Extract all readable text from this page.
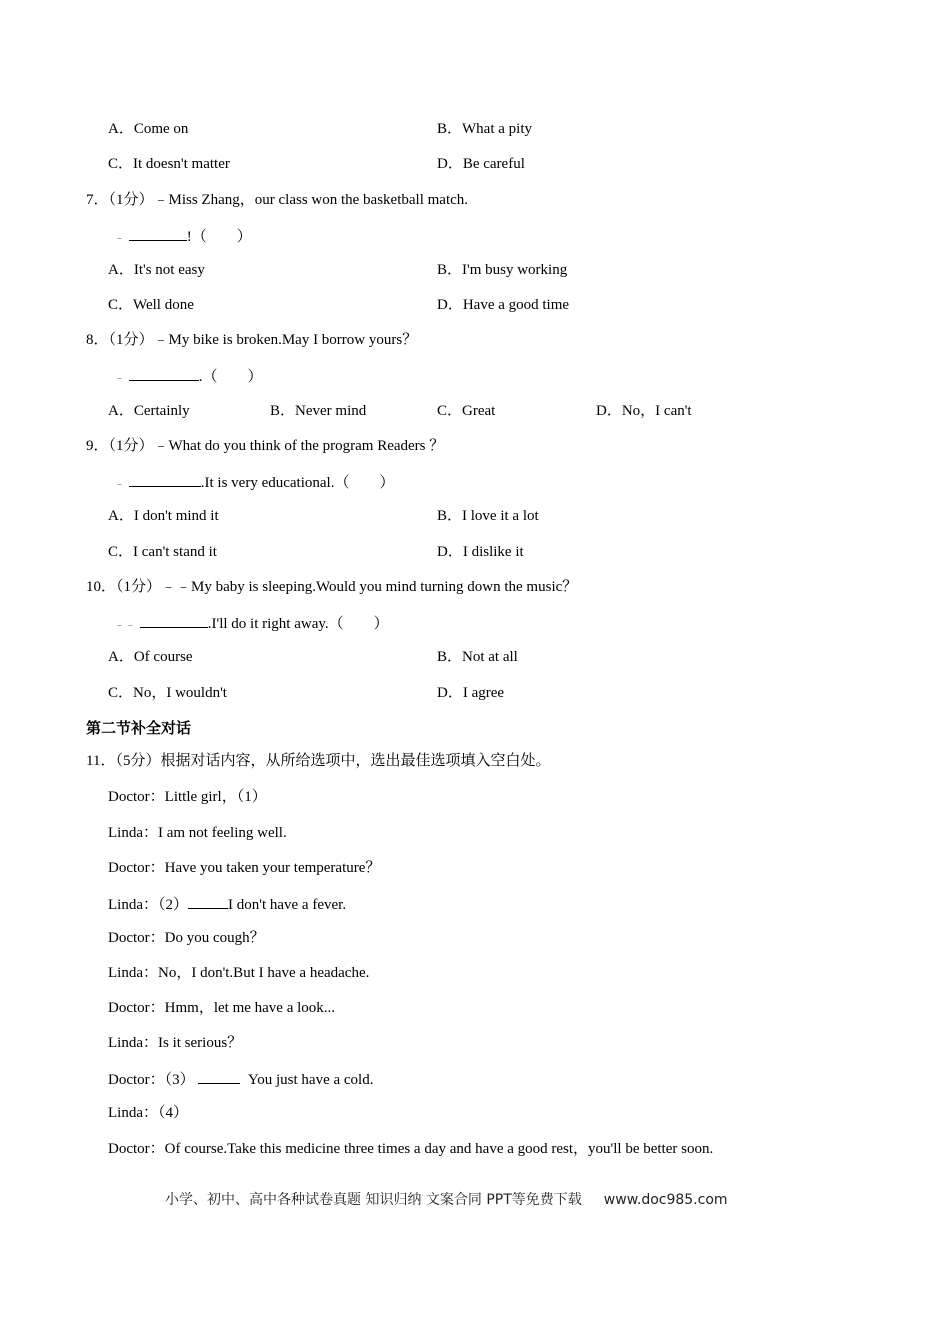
A．Come on	B．What a pity
C．It doesn't matter	D．Be careful
7．（1分）﹣Miss Zhang，our class won the basketball match.
﹣	!（　　）
A．It's not easy	B．I'm busy working
C．Well done	D．Have a good time
8．（1分）﹣My bike is broken.May I borrow yours？
﹣	.（　　）
A．Certainly	B．Never mind	C．Great	D．No，I can't
9．（1分）﹣What do you think of the program Readers ？
﹣	.It is very educational.（　　）
A．I don't mind it	B．I love it a lot
C．I can't stand it	D．I dislike it
10．（1分）﹣﹣My baby is sleeping.Would you mind turning down the music？
﹣﹣	.I'll do it right away.（　　）
A．Of course	B．Not at all
C．No，I wouldn't	D．I agree
第二节补全对话
11．（5分）根据对话内容，从所给选项中，选出最佳选项填入空白处。
Doctor：Little girl，（1）
Linda：I am not feeling well.
Doctor：Have you taken your temperature？
Linda：（2）	I don't have a fever.
Doctor：Do you cough？
Linda：No，I don't.But I have a headache.
Doctor：Hmm，let me have a look...
Linda：Is it serious？
Doctor：（3）	You just have a cold.
Linda：（4）
Doctor：Of course.Take this medicine three times a day and have a good rest，you'll be better soon.
小学、初中、高中各种试卷真题 知识归纳 文案合同 PPT等免费下载 www.doc985.com
